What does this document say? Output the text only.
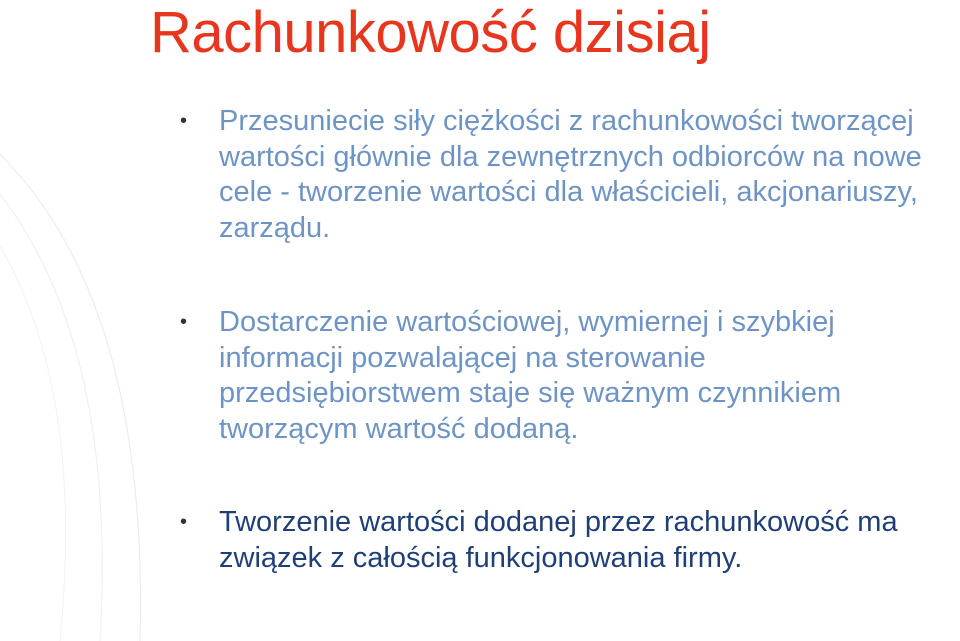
Rachunkowość dzisiaj
• Przesuniecie siły ciężkości z rachunkowości tworzącej wartości głównie dla zewnętrznych odbiorców na nowe cele - tworzenie wartości dla właścicieli, akcjonariuszy, zarządu.
• Dostarczenie wartościowej, wymiernej i szybkiej informacji pozwalającej na sterowanie przedsiębiorstwem staje się ważnym czynnikiem tworzącym wartość dodaną.
• Tworzenie wartości dodanej przez rachunkowość ma związek z całością funkcjonowania firmy.
